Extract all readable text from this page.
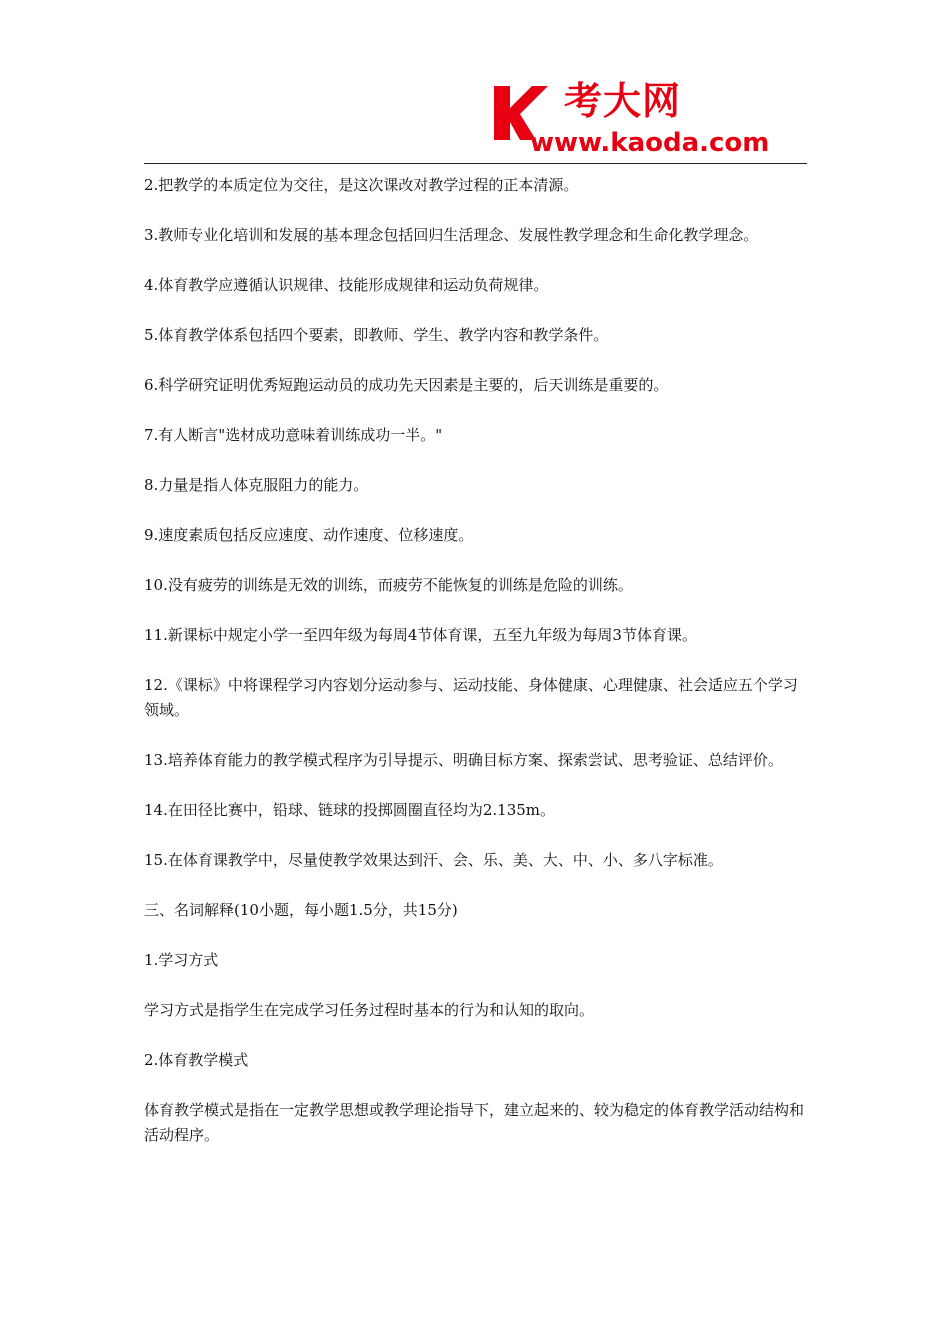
考大网
www.kaoda.com

2.把教学的本质定位为交往，是这次课改对教学过程的正本清源。

3.教师专业化培训和发展的基本理念包括回归生活理念、发展性教学理念和生命化教学理念。

4.体育教学应遵循认识规律、技能形成规律和运动负荷规律。

5.体育教学体系包括四个要素，即教师、学生、教学内容和教学条件。

6.科学研究证明优秀短跑运动员的成功先天因素是主要的，后天训练是重要的。

7.有人断言"选材成功意味着训练成功一半。"

8.力量是指人体克服阻力的能力。

9.速度素质包括反应速度、动作速度、位移速度。

10.没有疲劳的训练是无效的训练，而疲劳不能恢复的训练是危险的训练。

11.新课标中规定小学一至四年级为每周4节体育课，五至九年级为每周3节体育课。

12.《课标》中将课程学习内容划分运动参与、运动技能、身体健康、心理健康、社会适应五个学习领域。

13.培养体育能力的教学模式程序为引导提示、明确目标方案、探索尝试、思考验证、总结评价。

14.在田径比赛中，铅球、链球的投掷圆圈直径均为2.135m。

15.在体育课教学中，尽量使教学效果达到汗、会、乐、美、大、中、小、多八字标准。

三、名词解释(10小题，每小题1.5分，共15分)

1.学习方式

学习方式是指学生在完成学习任务过程时基本的行为和认知的取向。

2.体育教学模式

体育教学模式是指在一定教学思想或教学理论指导下，建立起来的、较为稳定的体育教学活动结构和活动程序。
